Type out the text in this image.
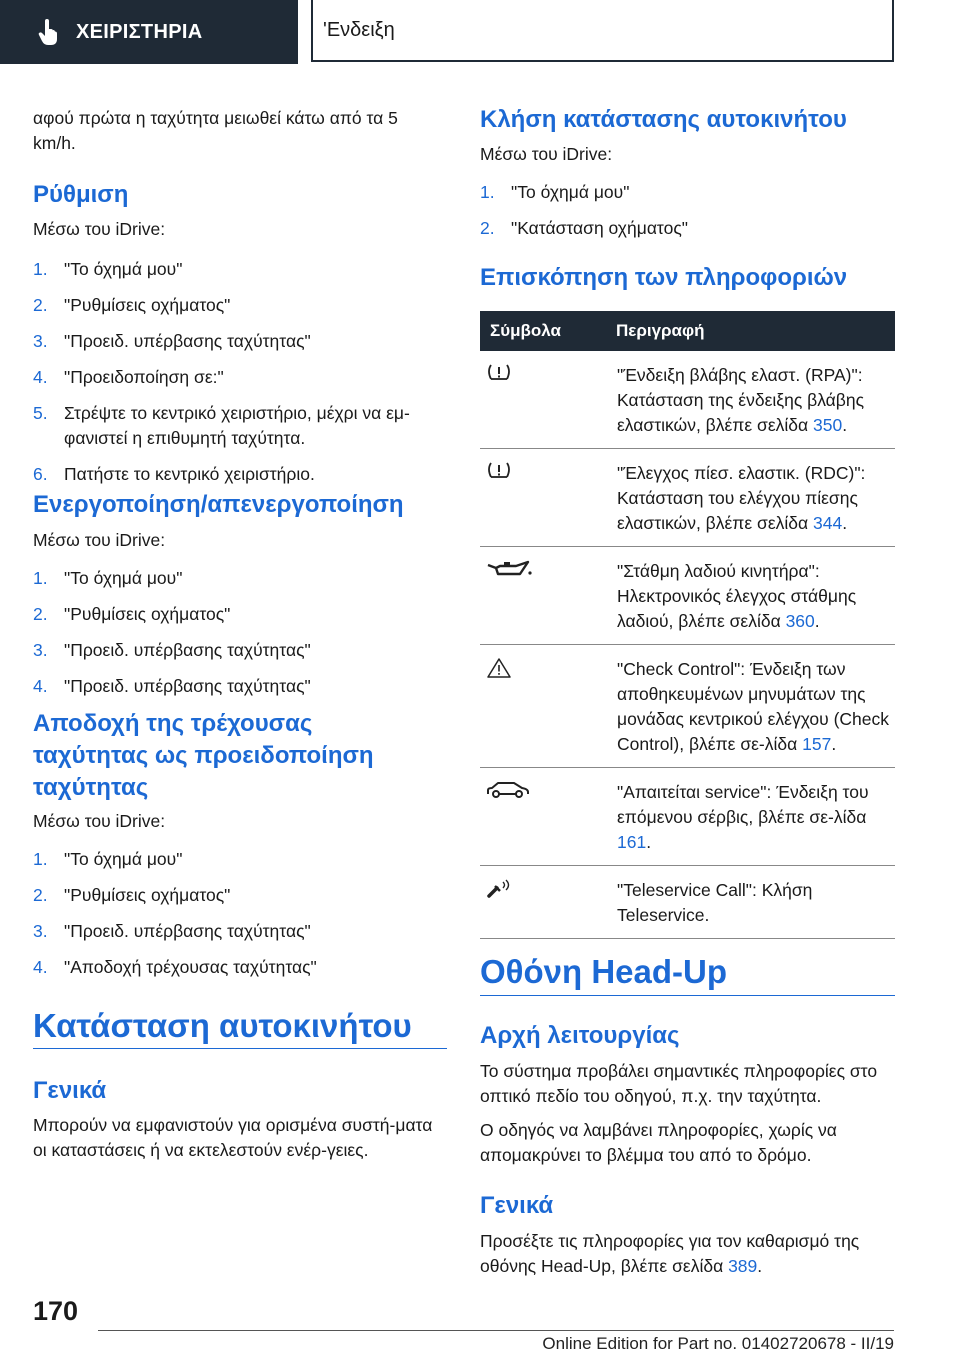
ΧΕΙΡΙΣΤΗΡΙΑ	'Ενδειξη

αφού πρώτα η ταχύτητα μειωθεί κάτω από τα 5 km/h.

Ρύθμιση

Μέσω του iDrive:

1. "Το όχημά μου"
2. "Ρυθμίσεις οχήματος"
3. "Προειδ. υπέρβασης ταχύτητας"
4. "Προειδοποίηση σε:"
5. Στρέψτε το κεντρικό χειριστήριο, μέχρι να εμ‐φανιστεί η επιθυμητή ταχύτητα.
6. Πατήστε το κεντρικό χειριστήριο.
Ενεργοποίηση/απενεργοποίηση

Μέσω του iDrive:

1. "Το όχημά μου"
2. "Ρυθμίσεις οχήματος"
3. "Προειδ. υπέρβασης ταχύτητας"
4. "Προειδ. υπέρβασης ταχύτητας"
Αποδοχή της τρέχουσας
ταχύτητας ως προειδοποίηση
ταχύτητας

Μέσω του iDrive:

1. "Το όχημά μου"
2. "Ρυθμίσεις οχήματος"
3. "Προειδ. υπέρβασης ταχύτητας"
4. "Αποδοχή τρέχουσας ταχύτητας"
Κατάσταση αυτοκινήτου
Γενικά

Μπορούν να εμφανιστούν για ορισμένα συστή‐ματα οι καταστάσεις ή να εκτελεστούν ενέρ‐γειες.

Κλήση κατάστασης αυτοκινήτου

Μέσω του iDrive:

1. "Το όχημά μου"
2. "Κατάσταση οχήματος"
Επισκόπηση των πληροφοριών
Σύμβολα	Περιγραφή
	"Ένδειξη βλάβης ελαστ. (RPA)": Κατάσταση της ένδειξης βλάβης ελαστικών, βλέπε σελίδα 350.
	"Έλεγχος πίεσ. ελαστικ. (RDC)": Κατάσταση του ελέγχου πίεσης ελαστικών, βλέπε σελίδα 344.
	"Στάθμη λαδιού κινητήρα": Ηλεκτρονικός έλεγχος στάθμης λαδιού, βλέπε σελίδα 360.
	"Check Control": Ένδειξη των αποθηκευμένων μηνυμάτων της μονάδας κεντρικού ελέγχου (Check Control), βλέπε σε‐λίδα 157.
	"Απαιτείται service": Ένδειξη του επόμενου σέρβις, βλέπε σε‐λίδα 161.
	"Teleservice Call": Κλήση Teleservice.
Οθόνη Head-Up
Αρχή λειτουργίας

Το σύστημα προβάλει σημαντικές πληροφορίες στο οπτικό πεδίο του οδηγού, π.χ. την ταχύτητα.

Ο οδηγός να λαμβάνει πληροφορίες, χωρίς να απομακρύνει το βλέμμα του από το δρόμο.

Γενικά

Προσέξτε τις πληροφορίες για τον καθαρισμό της οθόνης Head-Up, βλέπε σελίδα 389.

170
Online Edition for Part no. 01402720678 - II/19
